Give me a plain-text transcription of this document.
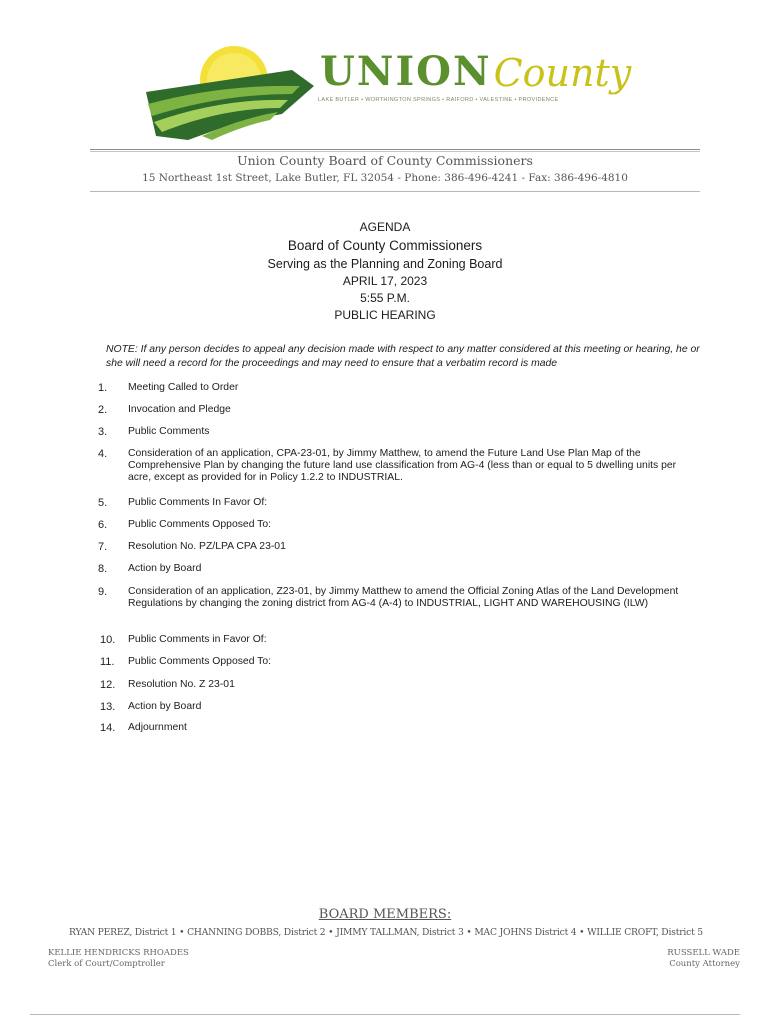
UNIONCounty
LAKE BUTLER • WORTHINGTON SPRINGS • RAIFORD • VALESTINE • PROVIDENCE
Union County Board of County Commissioners
15 Northeast 1st Street, Lake Butler, FL 32054 - Phone: 386-496-4241 - Fax: 386-496-4810
AGENDA
Board of County Commissioners
Serving as the Planning and Zoning Board
APRIL 17, 2023
5:55 P.M.
PUBLIC HEARING
NOTE: If any person decides to appeal any decision made with respect to any matter considered at this meeting or hearing, he or she will need a record for the proceedings and may need to ensure that a verbatim record is made
1.	Meeting Called to Order
2.	Invocation and Pledge
3.	Public Comments
4.	Consideration of an application, CPA-23-01, by Jimmy Matthew, to amend the Future Land Use Plan Map of the Comprehensive Plan by changing the future land use classification from AG-4 (less than or equal to 5 dwelling units per acre, except as provided for in Policy 1.2.2 to INDUSTRIAL.
5.	Public Comments In Favor Of:
6.	Public Comments Opposed To:
7.	Resolution No. PZ/LPA CPA 23-01
8.	Action by Board
9.	Consideration of an application, Z23-01, by Jimmy Matthew to amend the Official Zoning Atlas of the Land Development Regulations by changing the zoning district from AG-4 (A-4) to INDUSTRIAL, LIGHT AND WAREHOUSING (ILW)
10.	Public Comments in Favor Of:
11.	Public Comments Opposed To:
12.	Resolution No. Z 23-01
13.	Action by Board
14.	Adjournment
BOARD MEMBERS:
RYAN PEREZ, District 1 • CHANNING DOBBS, District 2 • JIMMY TALLMAN, District 3 • MAC JOHNS District 4 • WILLIE CROFT, District 5
KELLIE HENDRICKS RHOADES
Clerk of Court/Comptroller
RUSSELL WADE
County Attorney
